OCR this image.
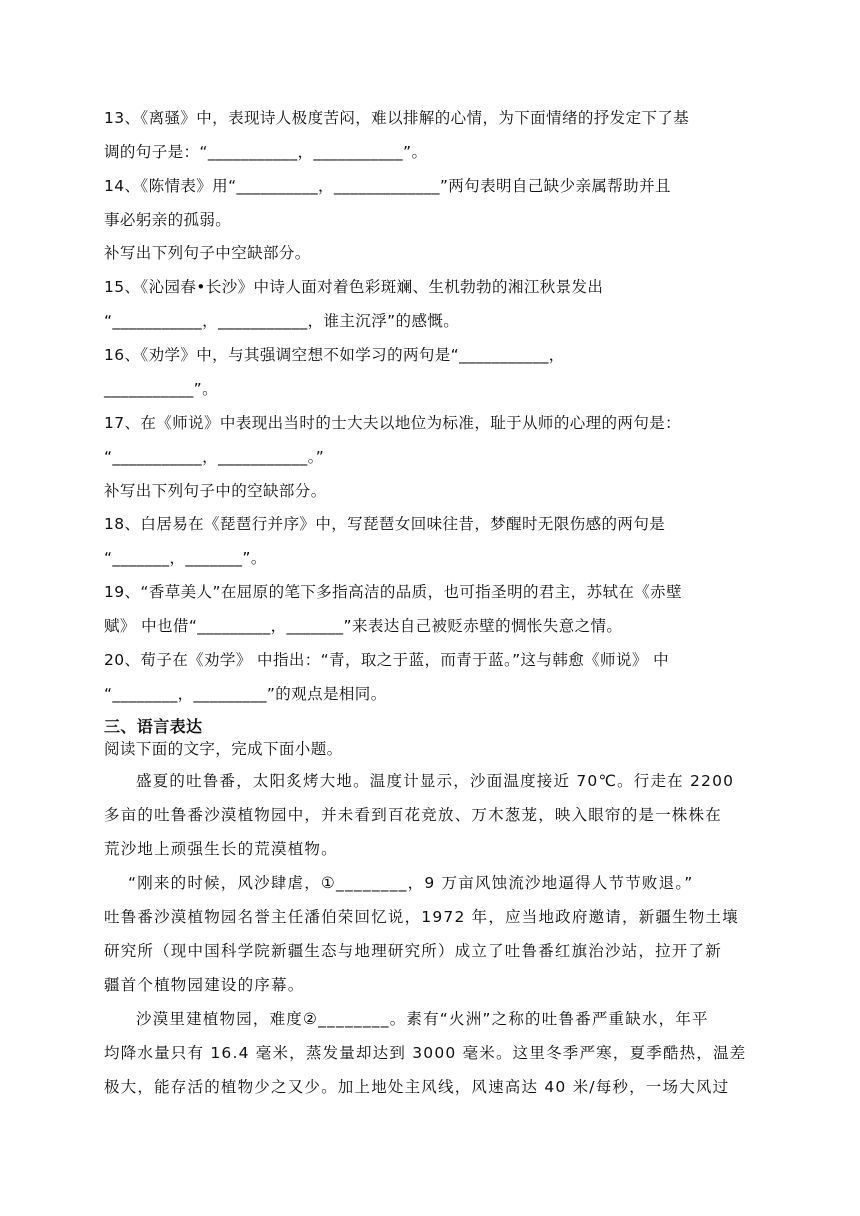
13、《离骚》中，表现诗人极度苦闷，难以排解的心情，为下面情绪的抒发定下了基
调的句子是：“___________，___________”。
14、《陈情表》用“__________，_____________”两句表明自己缺少亲属帮助并且
事必躬亲的孤弱。
补写出下列句子中空缺部分。
15、《沁园春•长沙》中诗人面对着色彩斑斓、生机勃勃的湘江秋景发出
“___________，___________，谁主沉浮”的感慨。
16、《劝学》中，与其强调空想不如学习的两句是“___________，
___________”。
17、在《师说》中表现出当时的士大夫以地位为标准，耻于从师的心理的两句是：
“___________，___________。”
补写出下列句子中的空缺部分。
18、白居易在《琵琶行并序》中，写琵琶女回味往昔，梦醒时无限伤感的两句是
“_______，_______”。
19、“香草美人”在屈原的笔下多指高洁的品质，也可指圣明的君主，苏轼在《赤壁
赋》 中也借“_________，_______”来表达自己被贬赤壁的惆怅失意之情。
20、荀子在《劝学》 中指出：“青，取之于蓝，而青于蓝。”这与韩愈《师说》 中
“________，_________”的观点是相同。
三、语言表达
阅读下面的文字，完成下面小题。
盛夏的吐鲁番，太阳炙烤大地。温度计显示，沙面温度接近 70℃。行走在 2200
多亩的吐鲁番沙漠植物园中，并未看到百花竞放、万木葱茏，映入眼帘的是一株株在
荒沙地上顽强生长的荒漠植物。
“刚来的时候，风沙肆虐，①________，9 万亩风蚀流沙地逼得人节节败退。”
吐鲁番沙漠植物园名誉主任潘伯荣回忆说，1972 年，应当地政府邀请，新疆生物土壤
研究所（现中国科学院新疆生态与地理研究所）成立了吐鲁番红旗治沙站，拉开了新
疆首个植物园建设的序幕。
沙漠里建植物园，难度②________。素有“火洲”之称的吐鲁番严重缺水，年平
均降水量只有 16.4 毫米，蒸发量却达到 3000 毫米。这里冬季严寒，夏季酷热，温差
极大，能存活的植物少之又少。加上地处主风线，风速高达 40 米/每秒，一场大风过
